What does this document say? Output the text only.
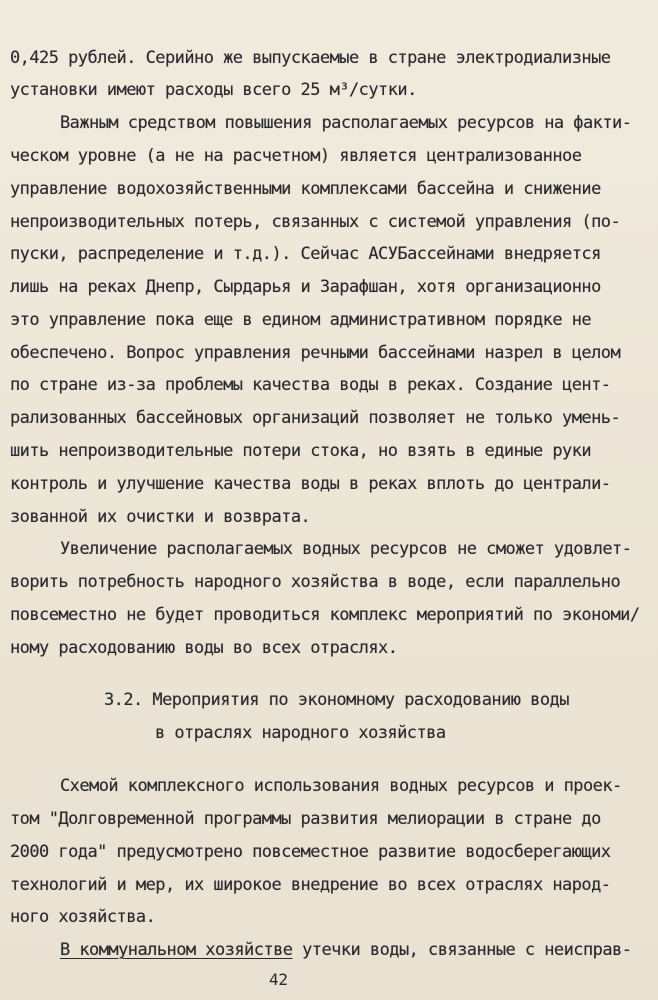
0,425 рублей. Серийно же выпускаемые в стране электродиализные
установки имеют расходы всего 25 м³/сутки.
Важным средством повышения располагаемых ресурсов на факти-
ческом уровне (а не на расчетном) является централизованное
управление водохозяйственными комплексами бассейна и снижение
непроизводительных потерь, связанных с системой управления (по-
пуски, распределение и т.д.). Сейчас АСУБассейнами внедряется
лишь на реках Днепр, Сырдарья и Зарафшан, хотя организационно
это управление пока еще в едином административном порядке не
обеспечено. Вопрос управления речными бассейнами назрел в целом
по стране из-за проблемы качества воды в реках. Создание цент-
рализованных бассейновых организаций позволяет не только умень-
шить непроизводительные потери стока, но взять в единые руки
контроль и улучшение качества воды в реках вплоть до централи-
зованной их очистки и возврата.
Увеличение располагаемых водных ресурсов не сможет удовлет-
ворить потребность народного хозяйства в воде, если параллельно
повсеместно не будет проводиться комплекс мероприятий по экономи/
ному расходованию воды во всех отраслях.
3.2. Мероприятия по экономному расходованию воды
в отраслях народного хозяйства
Схемой комплексного использования водных ресурсов и проек-
том "Долговременной программы развития мелиорации в стране до
2000 года" предусмотрено повсеместное развитие водосберегающих
технологий и мер, их широкое внедрение во всех отраслях народ-
ного хозяйства.
В коммунальном хозяйстве утечки воды, связанные с неисправ-
42
